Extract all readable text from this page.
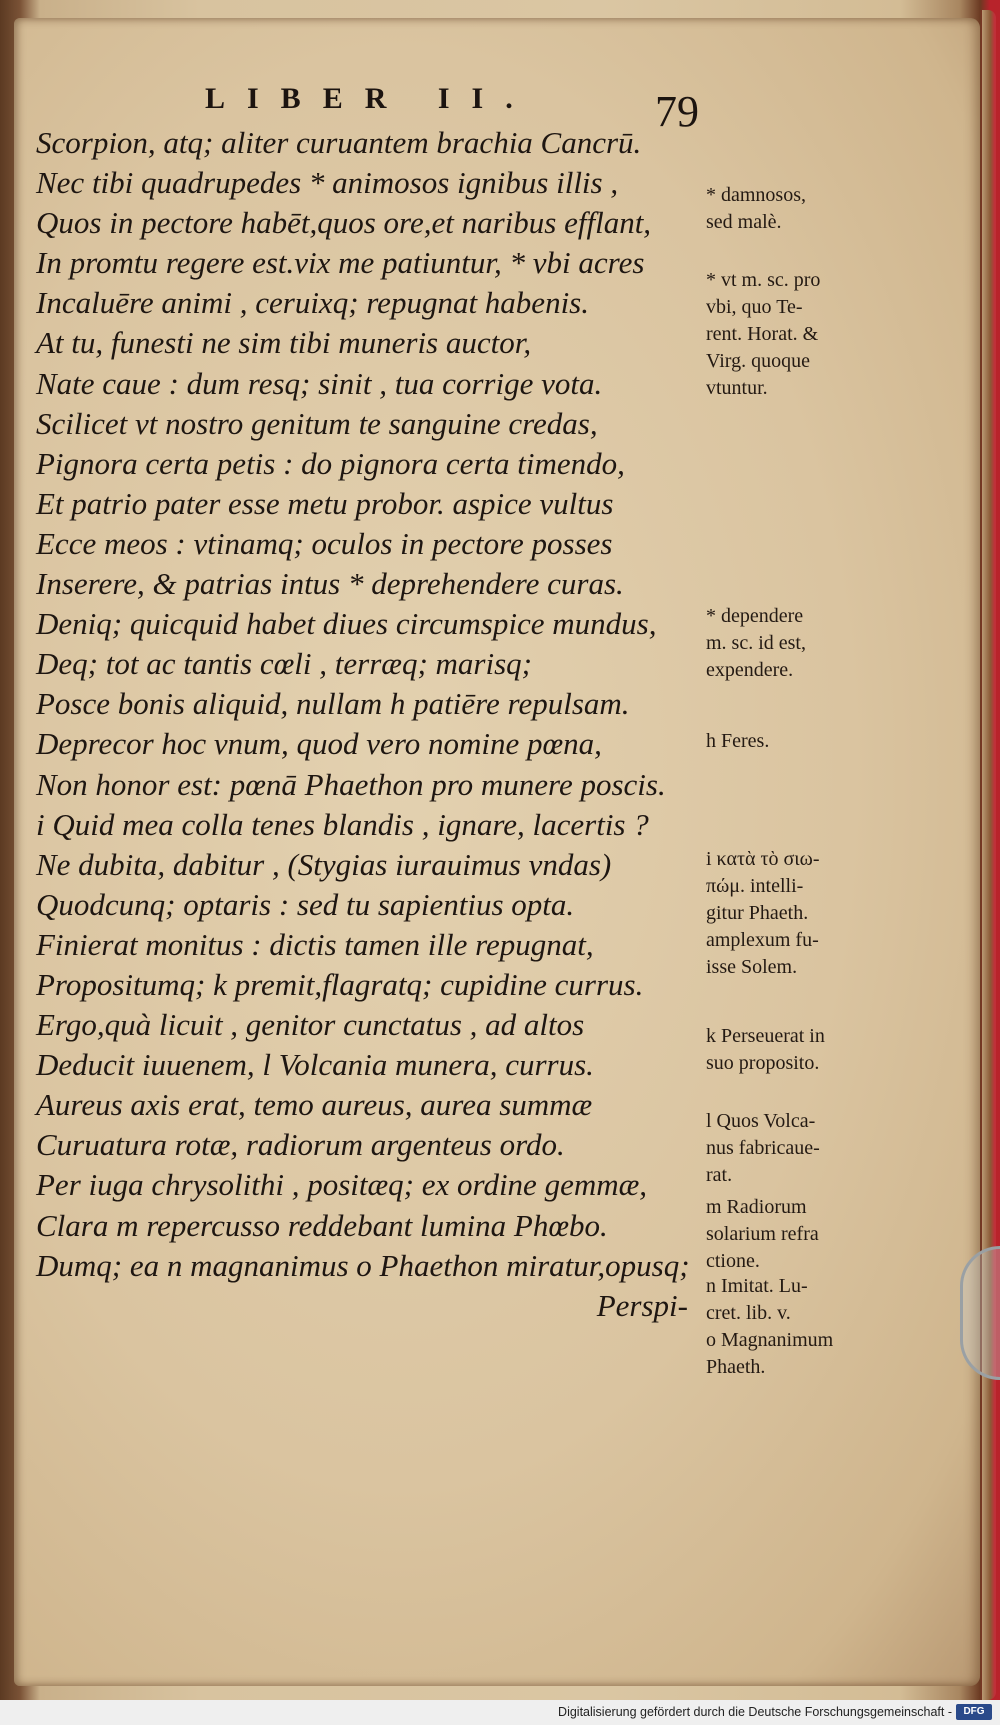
LIBER II.	79
Scorpion, atq; aliter curuantem brachia Cancrū.
Nec tibi quadrupedes * animosos ignibus illis ,
Quos in pectore habēt,quos ore,et naribus efflant,
In promtu regere est.vix me patiuntur, * vbi acres
Incaluēre animi , ceruixq; repugnat habenis.
At tu, funesti ne sim tibi muneris auctor,
Nate caue : dum resq; sinit , tua corrige vota.
Scilicet vt nostro genitum te sanguine credas,
Pignora certa petis : do pignora certa timendo,
Et patrio pater esse metu probor. aspice vultus
Ecce meos : vtinamq; oculos in pectore posses
Inserere, & patrias intus * deprehendere curas.
Deniq; quicquid habet diues circumspice mundus,
Deq; tot ac tantis cœli , terræq; marisq;
Posce bonis aliquid, nullam h patiēre repulsam.
Deprecor hoc vnum, quod vero nomine pœna,
Non honor est: pœnā Phaethon pro munere poscis.
i Quid mea colla tenes blandis , ignare, lacertis ?
Ne dubita, dabitur , (Stygias iurauimus vndas)
Quodcunq; optaris : sed tu sapientius opta.
Finierat monitus : dictis tamen ille repugnat,
Propositumq; k premit,flagratq; cupidine currus.
Ergo,quà licuit , genitor cunctatus , ad altos
Deducit iuuenem, l Volcania munera, currus.
Aureus axis erat, temo aureus, aurea summæ
Curuatura rotæ, radiorum argenteus ordo.
Per iuga chrysolithi , positæq; ex ordine gemmæ,
Clara m repercusso reddebant lumina Phœbo.
Dumq; ea n magnanimus o Phaethon miratur,opusq;
Perspi-
* damnosos,
sed malè.
* vt m. sc. pro
vbi, quo Te-
rent. Horat. &
Virg. quoque
vtuntur.
* dependere
m. sc. id est,
expendere.
h Feres.
i κατὰ τὸ σιω-
πώμ. intelli-
gitur Phaeth.
amplexum fu-
isse Solem.
k Perseuerat in
suo proposito.
l Quos Volca-
nus fabricaue-
rat.
m Radiorum
solarium refra
ctione.
n Imitat. Lu-
cret. lib. v.
o Magnanimum
Phaeth.
Digitalisierung gefördert durch die Deutsche Forschungsgemeinschaft -	DFG
